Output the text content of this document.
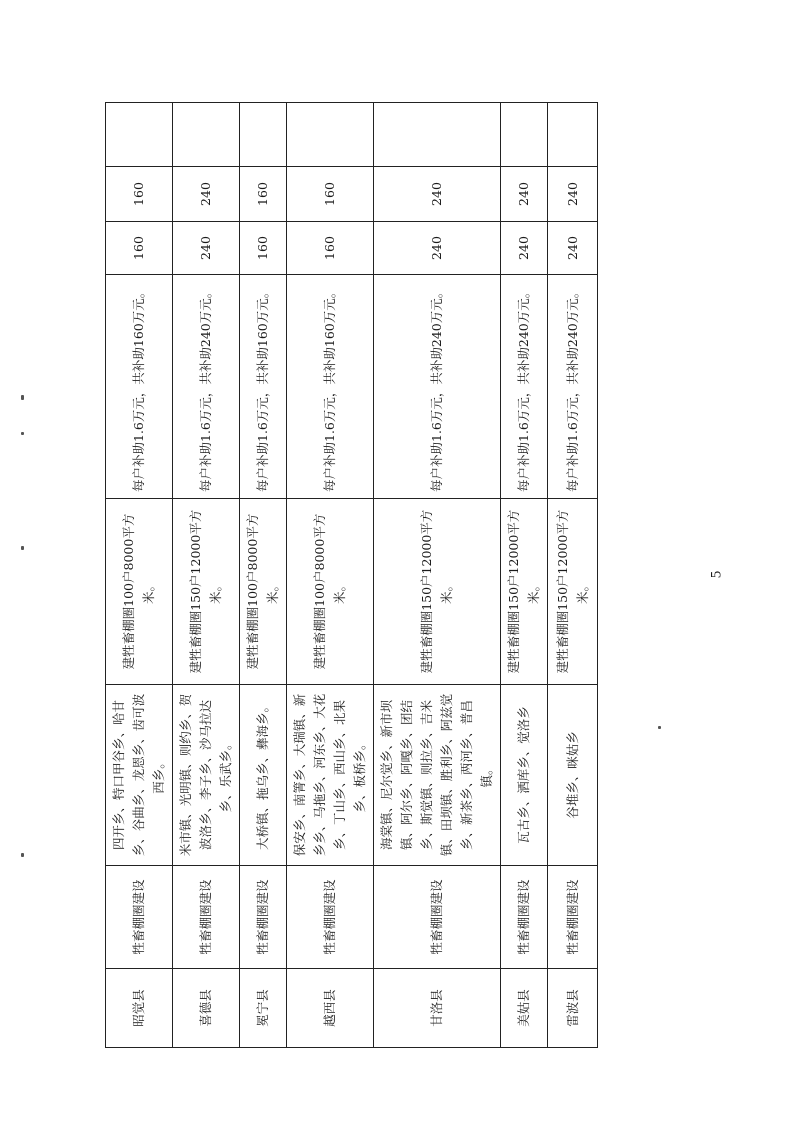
昭觉县	牲畜棚圈建设	四开乡、特口甲谷乡、哈甘乡、谷曲乡、龙恩乡、齿可波西乡。	建牲畜棚圈100户8000平方米。	每户补助1.6万元，共补助160万元。	160	160	
喜德县	牲畜棚圈建设	米市镇、光明镇、则约乡、贺波洛乡、李子乡、沙马拉达乡、乐武乡。	建牲畜棚圈150户12000平方米。	每户补助1.6万元，共补助240万元。	240	240	
冕宁县	牲畜棚圈建设	大桥镇、拖乌乡、彝海乡。	建牲畜棚圈100户8000平方米。	每户补助1.6万元，共补助160万元。	160	160	
越西县	牲畜棚圈建设	保安乡、南箐乡、大瑞镇、新乡乡、马拖乡、河东乡、大花乡、丁山乡、西山乡、北果乡、板桥乡。	建牲畜棚圈100户8000平方米。	每户补助1.6万元，共补助160万元。	160	160	
甘洛县	牲畜棚圈建设	海棠镇、尼尔觉乡、新市坝镇、阿尔乡、阿嘎乡、团结乡、斯觉镇、则拉乡、吉米镇、田坝镇、胜利乡、阿兹觉乡、新茶乡、两河乡、普昌镇。	建牲畜棚圈150户12000平方米。	每户补助1.6万元，共补助240万元。	240	240	
美姑县	牲畜棚圈建设	瓦古乡、洒库乡、觉洛乡	建牲畜棚圈150户12000平方米。	每户补助1.6万元，共补助240万元。	240	240	
雷波县	牲畜棚圈建设	谷堆乡、咪姑乡	建牲畜棚圈150户12000平方米。	每户补助1.6万元，共补助240万元。	240	240	
5
